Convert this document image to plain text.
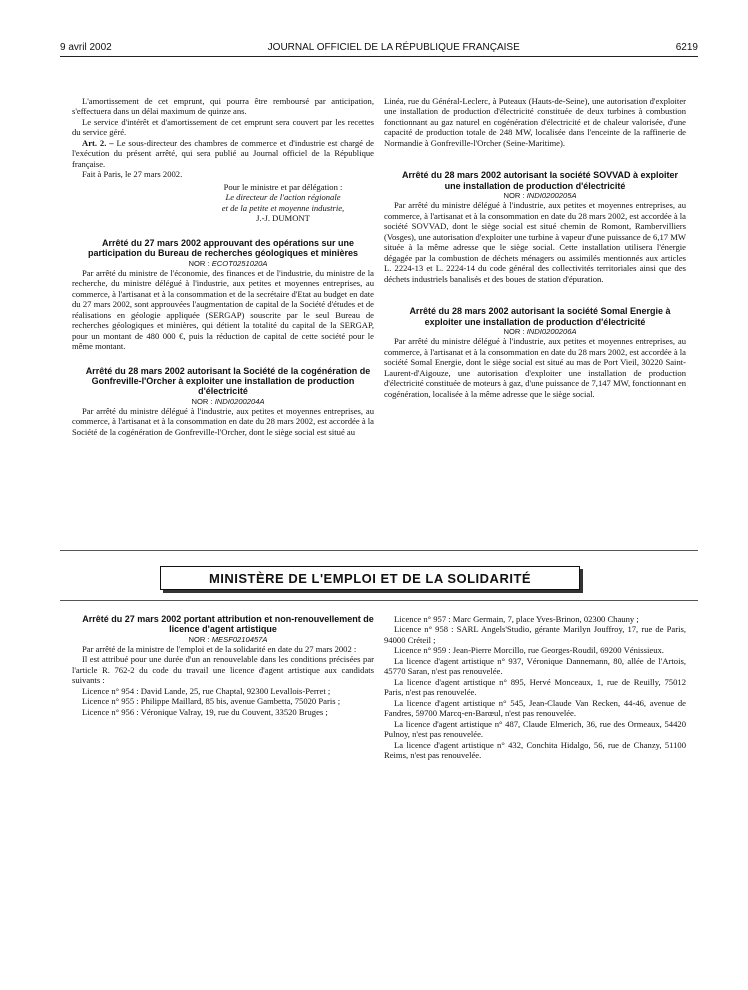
9 avril 2002	JOURNAL OFFICIEL DE LA RÉPUBLIQUE FRANÇAISE	6219

L'amortissement de cet emprunt, qui pourra être remboursé par anticipation, s'effectuera dans un délai maximum de quinze ans.

Le service d'intérêt et d'amortissement de cet emprunt sera couvert par les recettes du service géré.

Art. 2. – Le sous-directeur des chambres de commerce et d'industrie est chargé de l'exécution du présent arrêté, qui sera publié au Journal officiel de la République française.

Fait à Paris, le 27 mars 2002.

Pour le ministre et par délégation :

Le directeur de l'action régionale

et de la petite et moyenne industrie,

J.-J. DUMONT

Arrêté du 27 mars 2002 approuvant des opérations sur une participation du Bureau de recherches géologiques et minières

NOR : ECOT0251020A

Par arrêté du ministre de l'économie, des finances et de l'industrie, du ministre de la recherche, du ministre délégué à l'industrie, aux petites et moyennes entreprises, au commerce, à l'artisanat et à la consommation et de la secrétaire d'Etat au budget en date du 27 mars 2002, sont approuvées l'augmentation de capital de la Société d'études et de réalisations en géologie appliquée (SERGAP) souscrite par le seul Bureau de recherches géologiques et minières, qui détient la totalité du capital de la SERGAP, pour un montant de 480 000 €, puis la réduction de capital de cette société pour le même montant.

Arrêté du 28 mars 2002 autorisant la Société de la cogénération de Gonfreville-l'Orcher à exploiter une installation de production d'électricité

NOR : INDI0200204A

Par arrêté du ministre délégué à l'industrie, aux petites et moyennes entreprises, au commerce, à l'artisanat et à la consommation en date du 28 mars 2002, est accordée à la Société de la cogénération de Gonfreville-l'Orcher, dont le siège social est situé au

Linéa, rue du Général-Leclerc, à Puteaux (Hauts-de-Seine), une autorisation d'exploiter une installation de production d'électricité constituée de deux turbines à combustion fonctionnant au gaz naturel en cogénération d'électricité et de chaleur valorisée, d'une capacité de production totale de 248 MW, localisée dans l'enceinte de la raffinerie de Normandie à Gonfreville-l'Orcher (Seine-Maritime).

Arrêté du 28 mars 2002 autorisant la société SOVVAD à exploiter une installation de production d'électricité

NOR : INDI0200205A

Par arrêté du ministre délégué à l'industrie, aux petites et moyennes entreprises, au commerce, à l'artisanat et à la consommation en date du 28 mars 2002, est accordée à la société SOVVAD, dont le siège social est situé chemin de Romont, Rambervilliers (Vosges), une autorisation d'exploiter une turbine à vapeur d'une puissance de 6,17 MW située à la même adresse que le siège social. Cette installation utilisera l'énergie dégagée par la combustion de déchets ménagers ou assimilés mentionnés aux articles L. 2224-13 et L. 2224-14 du code général des collectivités territoriales ainsi que des déchets industriels banalisés et des boues de station d'épuration.

Arrêté du 28 mars 2002 autorisant la société Somal Energie à exploiter une installation de production d'électricité

NOR : INDI0200206A

Par arrêté du ministre délégué à l'industrie, aux petites et moyennes entreprises, au commerce, à l'artisanat et à la consommation en date du 28 mars 2002, est accordée à la société Somal Energie, dont le siège social est situé au mas de Port Vieil, 30220 Saint-Laurent-d'Aigouze, une autorisation d'exploiter une installation de production d'électricité constituée de moteurs à gaz, d'une puissance de 7,147 MW, fonctionnant en cogénération, localisée à la même adresse que le siège social.

MINISTÈRE DE L'EMPLOI ET DE LA SOLIDARITÉ

Arrêté du 27 mars 2002 portant attribution et non-renouvellement de licence d'agent artistique

NOR : MESF0210457A

Par arrêté de la ministre de l'emploi et de la solidarité en date du 27 mars 2002 :

Il est attribué pour une durée d'un an renouvelable dans les conditions précisées par l'article R. 762-2 du code du travail une licence d'agent artistique aux candidats suivants :

Licence n° 954 : David Lande, 25, rue Chaptal, 92300 Levallois-Perret ;

Licence n° 955 : Philippe Maillard, 85 bis, avenue Gambetta, 75020 Paris ;

Licence n° 956 : Véronique Valray, 19, rue du Couvent, 33520 Bruges ;

Licence n° 957 : Marc Germain, 7, place Yves-Brinon, 02300 Chauny ;

Licence n° 958 : SARL Angels'Studio, gérante Marilyn Jouffroy, 17, rue de Paris, 94000 Créteil ;

Licence n° 959 : Jean-Pierre Morcillo, rue Georges-Roudil, 69200 Vénissieux.

La licence d'agent artistique n° 937, Véronique Dannemann, 80, allée de l'Artois, 45770 Saran, n'est pas renouvelée.

La licence d'agent artistique n° 895, Hervé Monceaux, 1, rue de Reuilly, 75012 Paris, n'est pas renouvelée.

La licence d'agent artistique n° 545, Jean-Claude Van Recken, 44-46, avenue de Fandres, 59700 Marcq-en-Barœul, n'est pas renouvelée.

La licence d'agent artistique n° 487, Claude Elmerich, 36, rue des Ormeaux, 54420 Pulnoy, n'est pas renouvelée.

La licence d'agent artistique n° 432, Conchita Hidalgo, 56, rue de Chanzy, 51100 Reims, n'est pas renouvelée.
